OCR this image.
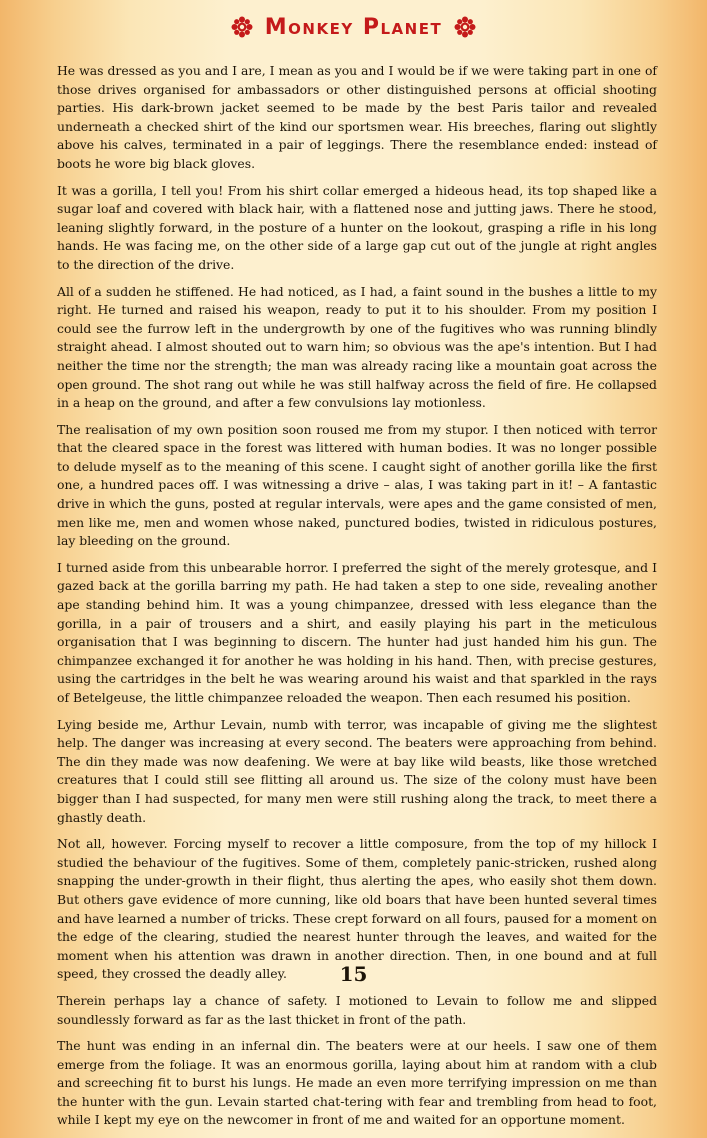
Monkey Planet

He was dressed as you and I are, I mean as you and I would be if we were taking part in one of those drives organised for ambassadors or other distinguished persons at official shooting parties. His dark-brown jacket seemed to be made by the best Paris tailor and revealed underneath a checked shirt of the kind our sportsmen wear. His breeches, flaring out slightly above his calves, terminated in a pair of leggings. There the resemblance ended: instead of boots he wore big black gloves.

It was a gorilla, I tell you! From his shirt collar emerged a hideous head, its top shaped like a sugar loaf and covered with black hair, with a flattened nose and jutting jaws. There he stood, leaning slightly forward, in the posture of a hunter on the lookout, grasping a rifle in his long hands. He was facing me, on the other side of a large gap cut out of the jungle at right angles to the direction of the drive.

All of a sudden he stiffened. He had noticed, as I had, a faint sound in the bushes a little to my right. He turned and raised his weapon, ready to put it to his shoulder. From my position I could see the furrow left in the undergrowth by one of the fugitives who was running blindly straight ahead. I almost shouted out to warn him; so obvious was the ape's intention. But I had neither the time nor the strength; the man was already racing like a mountain goat across the open ground. The shot rang out while he was still halfway across the field of fire. He collapsed in a heap on the ground, and after a few convulsions lay motionless.

The realisation of my own position soon roused me from my stupor. I then noticed with terror that the cleared space in the forest was littered with human bodies. It was no longer possible to delude myself as to the meaning of this scene. I caught sight of another gorilla like the first one, a hundred paces off. I was witnessing a drive – alas, I was taking part in it! – A fantastic drive in which the guns, posted at regular intervals, were apes and the game consisted of men, men like me, men and women whose naked, punctured bodies, twisted in ridiculous postures, lay bleeding on the ground.

I turned aside from this unbearable horror. I preferred the sight of the merely grotesque, and I gazed back at the gorilla barring my path. He had taken a step to one side, revealing another ape standing behind him. It was a young chimpanzee, dressed with less elegance than the gorilla, in a pair of trousers and a shirt, and easily playing his part in the meticulous organisation that I was beginning to discern. The hunter had just handed him his gun. The chimpanzee exchanged it for another he was holding in his hand. Then, with precise gestures, using the cartridges in the belt he was wearing around his waist and that sparkled in the rays of Betelgeuse, the little chimpanzee reloaded the weapon. Then each resumed his position.

Lying beside me, Arthur Levain, numb with terror, was incapable of giving me the slightest help. The danger was increasing at every second. The beaters were approaching from behind. The din they made was now deafening. We were at bay like wild beasts, like those wretched creatures that I could still see flitting all around us. The size of the colony must have been bigger than I had suspected, for many men were still rushing along the track, to meet there a ghastly death.

Not all, however. Forcing myself to recover a little composure, from the top of my hillock I studied the behaviour of the fugitives. Some of them, completely panic-stricken, rushed along snapping the under-growth in their flight, thus alerting the apes, who easily shot them down. But others gave evidence of more cunning, like old boars that have been hunted several times and have learned a number of tricks. These crept forward on all fours, paused for a moment on the edge of the clearing, studied the nearest hunter through the leaves, and waited for the moment when his attention was drawn in another direction. Then, in one bound and at full speed, they crossed the deadly alley.

Therein perhaps lay a chance of safety. I motioned to Levain to follow me and slipped soundlessly forward as far as the last thicket in front of the path.

The hunt was ending in an infernal din. The beaters were at our heels. I saw one of them emerge from the foliage. It was an enormous gorilla, laying about him at random with a club and screeching fit to burst his lungs. He made an even more terrifying impression on me than the hunter with the gun. Levain started chat-tering with fear and trembling from head to foot, while I kept my eye on the newcomer in front of me and waited for an opportune moment.

15
